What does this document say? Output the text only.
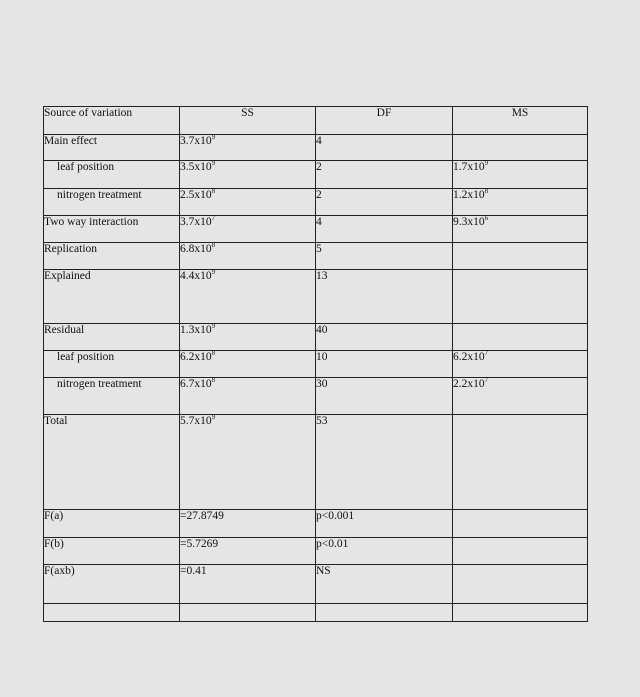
Source of variation	SS	DF	MS
Main effect	$3.7x10^9$	4	
leaf position	$3.5x10^9$	2	$1.7x10^9$
nitrogen treatment	$2.5x10^8$	2	$1.2x10^8$
Two way interaction	$3.7x10^7$	4	$9.3x10^6$
Replication	$6.8x10^8$	5	
Explained	$4.4x10^9$	13	
Residual	$1.3x10^9$	40	
leaf position	$6.2x10^8$	10	$6.2x10^7$
nitrogen treatment	$6.7x10^8$	30	$2.2x10^7$
Total	$5.7x10^9$	53	
F(a)	=27.8749	p<0.001	
F(b)	=5.7269	p<0.01	
F(axb)	=0.41	NS	
